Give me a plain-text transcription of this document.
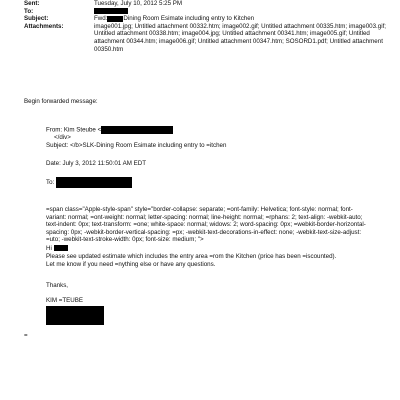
Sent:	Tuesday, July 10, 2012 5:25 PM
To:
Subject:	Fwd:	Dining Room Esimate including entry to Kitchen
Attachments:	image001.jpg; Untitled attachment 00332.htm; image002.gif; Untitled attachment 00335.htm; image003.gif; Untitled attachment 00338.htm; image004.jpg; Untitled attachment 00341.htm; image005.gif; Untitled attachment 00344.htm; image006.gif; Untitled attachment 00347.htm; SOSORD1.pdf; Untitled attachment 00350.htm
Begin forwarded message:
From: Kim Steube <
</div>
Subject: </b>SLK-Dining Room Esimate including entry to =itchen
Date: July 3, 2012 11:50:01 AM EDT
To:
=span class="Apple-style-span" style="border-collapse: separate; =ont-family: Helvetica; font-style: normal; font-variant: normal; =ont-weight: normal; letter-spacing: normal; line-height: normal; =rphans: 2; text-align: -webkit-auto; text-indent: 0px; text-transform: =one; white-space: normal; widows: 2; word-spacing: 0px; =webkit-border-horizontal-spacing: 0px; -webkit-border-vertical-spacing: =px; -webkit-text-decorations-in-effect: none; -webkit-text-size-adjust: =uto; -webkit-text-stroke-width: 0px; font-size: medium; ">
Hi
Please see updated estimate which includes the entry area =rom the Kitchen (price has been =iscounted).
Let me know if you need =nything else or have any questions.
Thanks,
KIM =TEUBE
=
